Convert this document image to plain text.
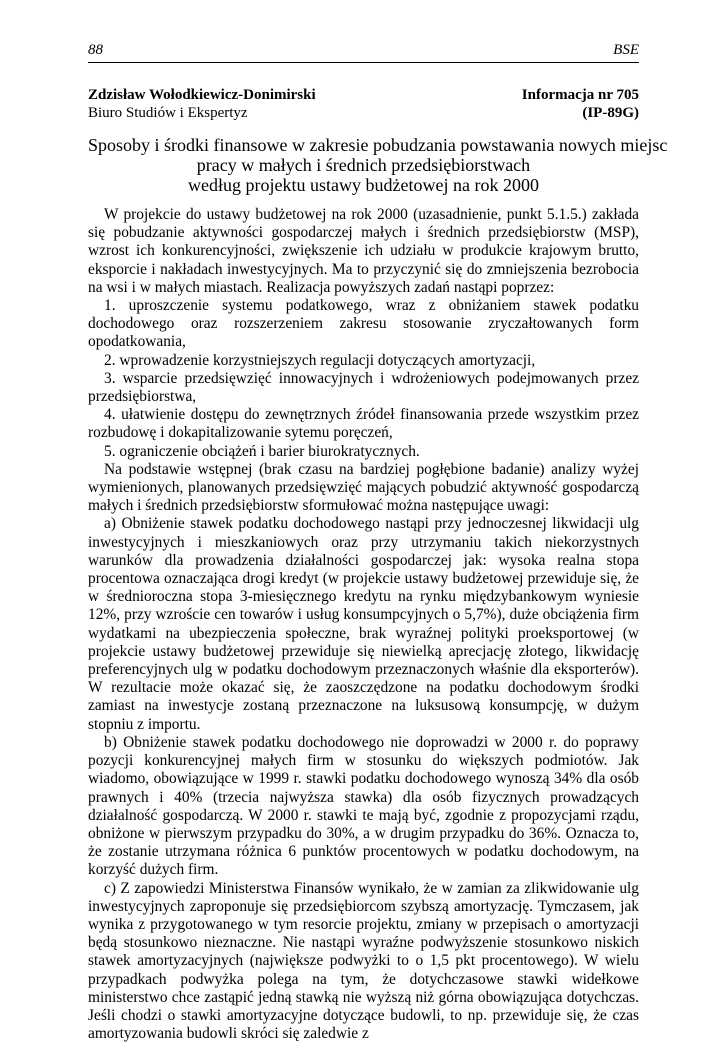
88	BSE
Zdzisław Wołodkiewicz-Donimirski	Informacja nr 705
Biuro Studiów i Ekspertyz	(IP-89G)
Sposoby i środki finansowe w zakresie pobudzania powstawania nowych miejsc
pracy w małych i średnich przedsiębiorstwach
według projektu ustawy budżetowej na rok 2000

W projekcie do ustawy budżetowej na rok 2000 (uzasadnienie, punkt 5.1.5.) zakłada się pobudzanie aktywności gospodarczej małych i średnich przedsiębiorstw (MSP), wzrost ich konkurencyjności, zwiększenie ich udziału w produkcie krajowym brutto, eksporcie i nakładach inwestycyjnych. Ma to przyczynić się do zmniejszenia bezrobocia na wsi i w małych miastach. Realizacja powyższych zadań nastąpi poprzez:

1. uproszczenie systemu podatkowego, wraz z obniżaniem stawek podatku dochodowego oraz rozszerzeniem zakresu stosowanie zryczałtowanych form opodatkowania,

2. wprowadzenie korzystniejszych regulacji dotyczących amortyzacji,

3. wsparcie przedsięwzięć innowacyjnych i wdrożeniowych podejmowanych przez przedsiębiorstwa,

4. ułatwienie dostępu do zewnętrznych źródeł finansowania przede wszystkim przez rozbudowę i dokapitalizowanie sytemu poręczeń,

5. ograniczenie obciążeń i barier biurokratycznych.

Na podstawie wstępnej (brak czasu na bardziej pogłębione badanie) analizy wyżej wymienionych, planowanych przedsięwzięć mających pobudzić aktywność gospodarczą małych i średnich przedsiębiorstw sformułować można następujące uwagi:

a) Obniżenie stawek podatku dochodowego nastąpi przy jednoczesnej likwidacji ulg inwestycyjnych i mieszkaniowych oraz przy utrzymaniu takich niekorzystnych warunków dla prowadzenia działalności gospodarczej jak: wysoka realna stopa procentowa oznaczająca drogi kredyt (w projekcie ustawy budżetowej przewiduje się, że w średnioroczna stopa 3-miesięcznego kredytu na rynku międzybankowym wyniesie 12%, przy wzroście cen towarów i usług konsumpcyjnych o 5,7%), duże obciążenia firm wydatkami na ubezpieczenia społeczne, brak wyraźnej polityki proeksportowej (w projekcie ustawy budżetowej przewiduje się niewielką aprecjację złotego, likwidację preferencyjnych ulg w podatku dochodowym przeznaczonych właśnie dla eksporterów). W rezultacie może okazać się, że zaoszczędzone na podatku dochodowym środki zamiast na inwestycje zostaną przeznaczone na luksusową konsumpcję, w dużym stopniu z importu.

b) Obniżenie stawek podatku dochodowego nie doprowadzi w 2000 r. do poprawy pozycji konkurencyjnej małych firm w stosunku do większych podmiotów. Jak wiadomo, obowiązujące w 1999 r. stawki podatku dochodowego wynoszą 34% dla osób prawnych i 40% (trzecia najwyższa stawka) dla osób fizycznych prowadzących działalność gospodarczą. W 2000 r. stawki te mają być, zgodnie z propozycjami rządu, obniżone w pierwszym przypadku do 30%, a w drugim przypadku do 36%. Oznacza to, że zostanie utrzymana różnica 6 punktów procentowych w podatku dochodowym, na korzyść dużych firm.

c) Z zapowiedzi Ministerstwa Finansów wynikało, że w zamian za zlikwidowanie ulg inwestycyjnych zaproponuje się przedsiębiorcom szybszą amortyzację. Tymczasem, jak wynika z przygotowanego w tym resorcie projektu, zmiany w przepisach o amortyzacji będą stosunkowo nieznaczne. Nie nastąpi wyraźne podwyższenie stosunkowo niskich stawek amortyzacyjnych (największe podwyżki to o 1,5 pkt procentowego). W wielu przypadkach podwyżka polega na tym, że dotychczasowe stawki widełkowe ministerstwo chce zastąpić jedną stawką nie wyższą niż górna obowiązująca dotychczas. Jeśli chodzi o stawki amortyzacyjne dotyczące budowli, to np. przewiduje się, że czas amortyzowania budowli skróci się zaledwie z
